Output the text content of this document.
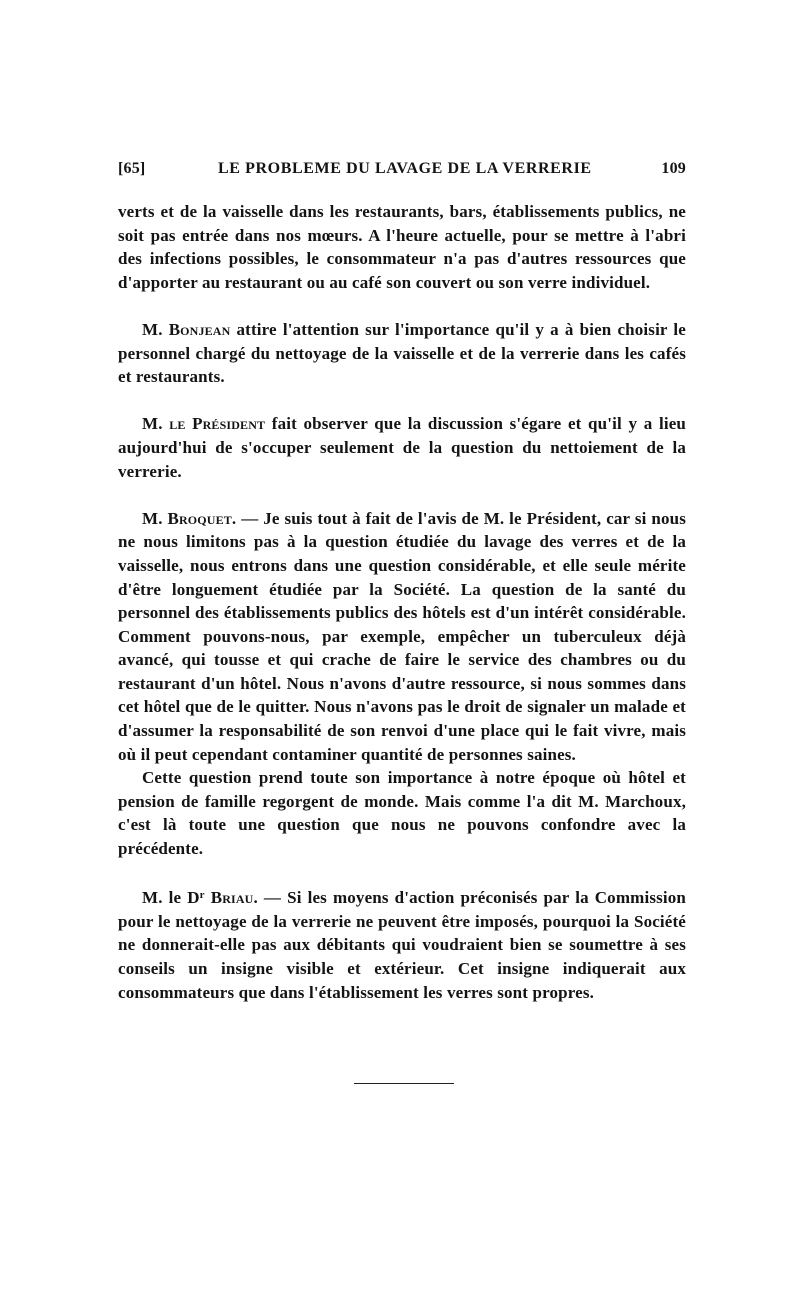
[65]	LE PROBLEME DU LAVAGE DE LA VERRERIE	109

verts et de la vaisselle dans les restaurants, bars, établissements publics, ne soit pas entrée dans nos mœurs. A l'heure actuelle, pour se mettre à l'abri des infections possibles, le consommateur n'a pas d'autres ressources que d'apporter au restaurant ou au café son couvert ou son verre individuel.

M. Bonjean attire l'attention sur l'importance qu'il y a à bien choisir le personnel chargé du nettoyage de la vaisselle et de la verrerie dans les cafés et restaurants.

M. le Président fait observer que la discussion s'égare et qu'il y a lieu aujourd'hui de s'occuper seulement de la question du nettoiement de la verrerie.

M. Broquet. — Je suis tout à fait de l'avis de M. le Président, car si nous ne nous limitons pas à la question étudiée du lavage des verres et de la vaisselle, nous entrons dans une question considérable, et elle seule mérite d'être longuement étudiée par la Société. La question de la santé du personnel des établissements publics des hôtels est d'un intérêt considérable. Comment pouvons-nous, par exemple, empêcher un tuberculeux déjà avancé, qui tousse et qui crache de faire le service des chambres ou du restaurant d'un hôtel. Nous n'avons d'autre ressource, si nous sommes dans cet hôtel que de le quitter. Nous n'avons pas le droit de signaler un malade et d'assumer la responsabilité de son renvoi d'une place qui le fait vivre, mais où il peut cependant contaminer quantité de personnes saines.

Cette question prend toute son importance à notre époque où hôtel et pension de famille regorgent de monde. Mais comme l'a dit M. Marchoux, c'est là toute une question que nous ne pouvons confondre avec la précédente.

M. le $D^r$ Briau. — Si les moyens d'action préconisés par la Commission pour le nettoyage de la verrerie ne peuvent être imposés, pourquoi la Société ne donnerait-elle pas aux débitants qui voudraient bien se soumettre à ses conseils un insigne visible et extérieur. Cet insigne indiquerait aux consommateurs que dans l'établissement les verres sont propres.
